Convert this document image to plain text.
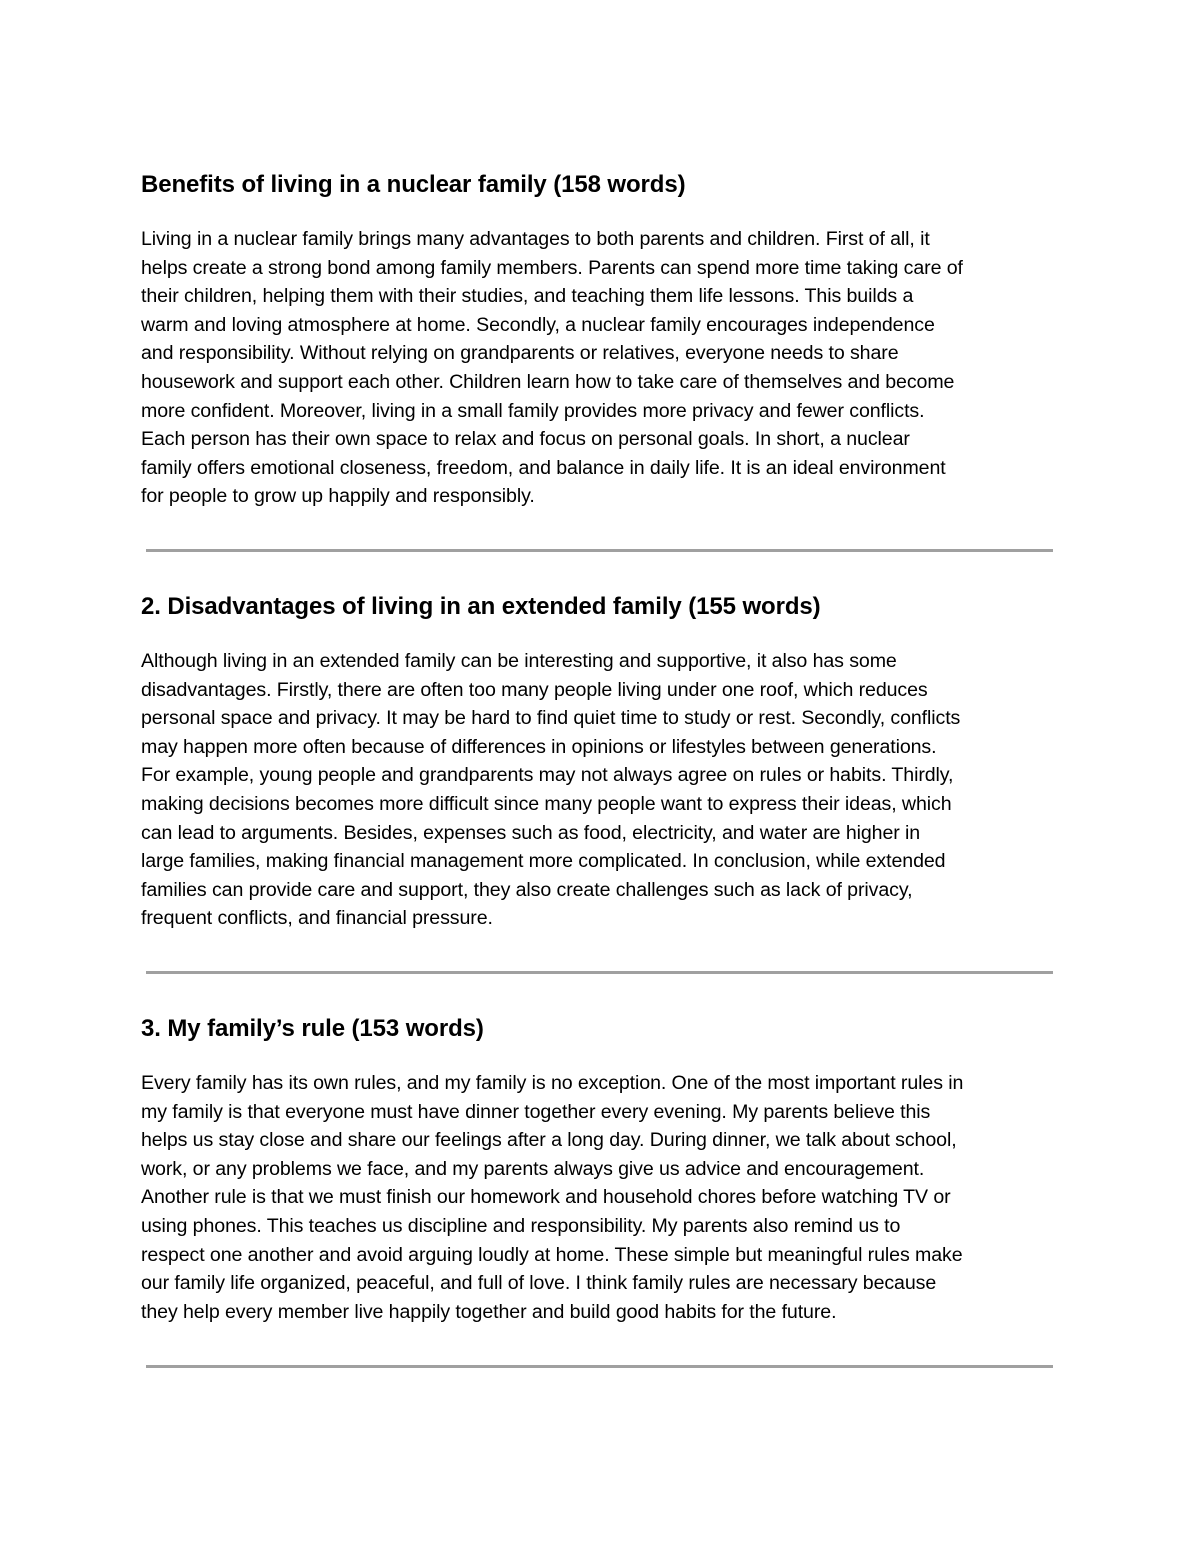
Benefits of living in a nuclear family (158 words)

Living in a nuclear family brings many advantages to both parents and children. First of all, it
helps create a strong bond among family members. Parents can spend more time taking care of
their children, helping them with their studies, and teaching them life lessons. This builds a
warm and loving atmosphere at home. Secondly, a nuclear family encourages independence
and responsibility. Without relying on grandparents or relatives, everyone needs to share
housework and support each other. Children learn how to take care of themselves and become
more confident. Moreover, living in a small family provides more privacy and fewer conflicts.
Each person has their own space to relax and focus on personal goals. In short, a nuclear
family offers emotional closeness, freedom, and balance in daily life. It is an ideal environment
for people to grow up happily and responsibly.

2. Disadvantages of living in an extended family (155 words)

Although living in an extended family can be interesting and supportive, it also has some
disadvantages. Firstly, there are often too many people living under one roof, which reduces
personal space and privacy. It may be hard to find quiet time to study or rest. Secondly, conflicts
may happen more often because of differences in opinions or lifestyles between generations.
For example, young people and grandparents may not always agree on rules or habits. Thirdly,
making decisions becomes more difficult since many people want to express their ideas, which
can lead to arguments. Besides, expenses such as food, electricity, and water are higher in
large families, making financial management more complicated. In conclusion, while extended
families can provide care and support, they also create challenges such as lack of privacy,
frequent conflicts, and financial pressure.

3. My family’s rule (153 words)

Every family has its own rules, and my family is no exception. One of the most important rules in
my family is that everyone must have dinner together every evening. My parents believe this
helps us stay close and share our feelings after a long day. During dinner, we talk about school,
work, or any problems we face, and my parents always give us advice and encouragement.
Another rule is that we must finish our homework and household chores before watching TV or
using phones. This teaches us discipline and responsibility. My parents also remind us to
respect one another and avoid arguing loudly at home. These simple but meaningful rules make
our family life organized, peaceful, and full of love. I think family rules are necessary because
they help every member live happily together and build good habits for the future.
